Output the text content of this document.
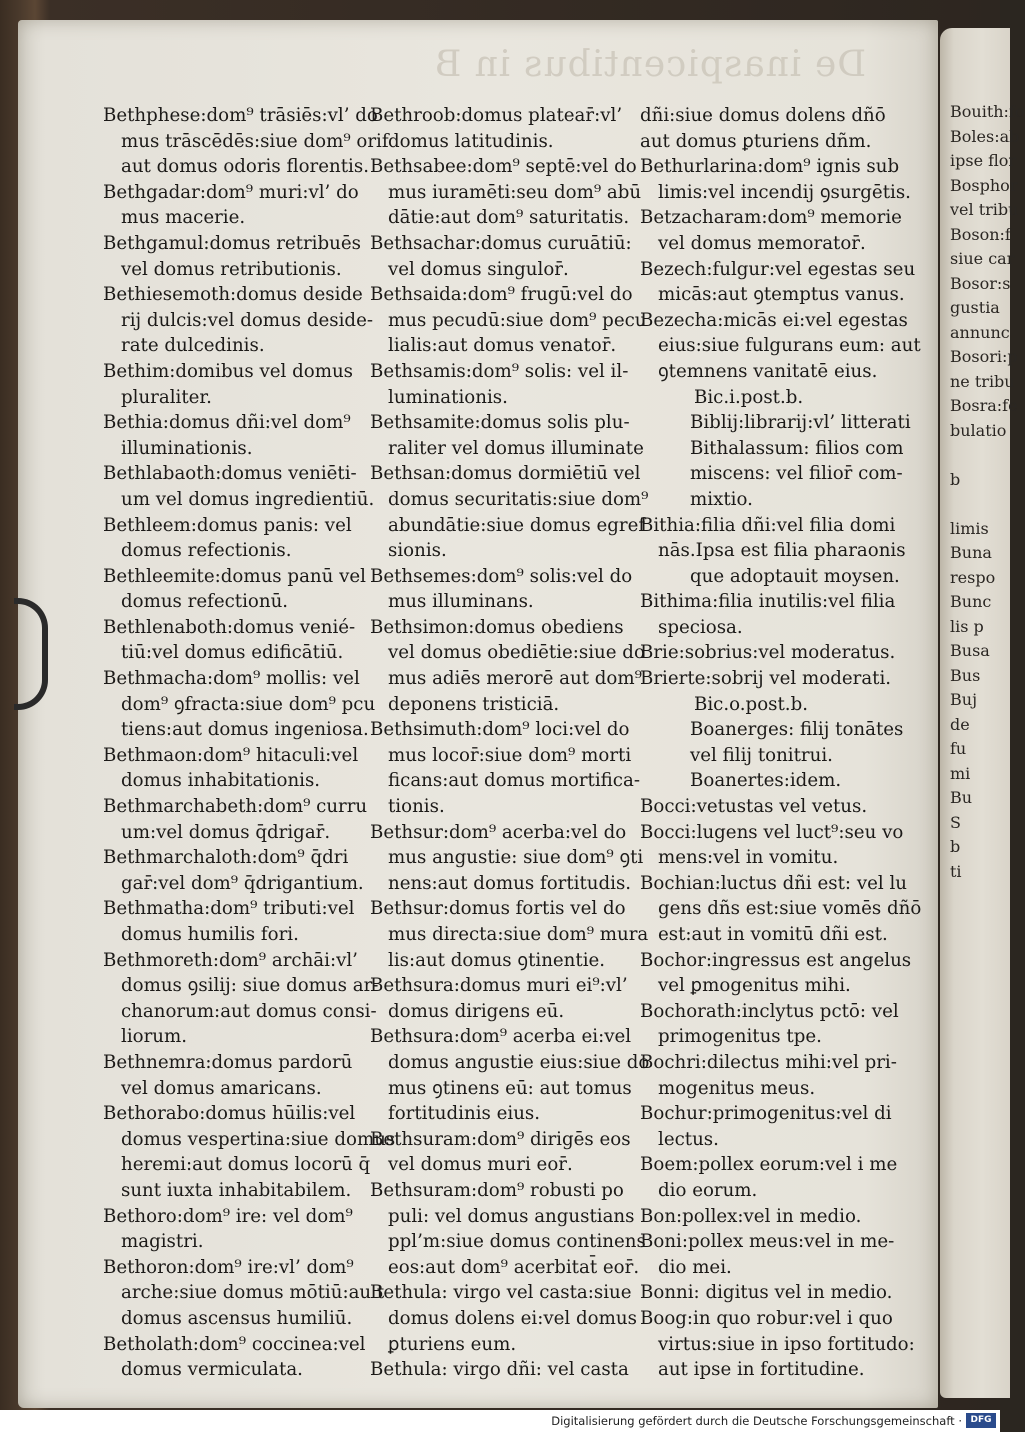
De inaspicentibus in B
Bethphese:dom⁹ trāsiēs:vl’ do
mus trāscēdēs:siue dom⁹ orif
aut domus odoris florentis.
Bethgadar:dom⁹ muri:vl’ do
mus macerie.
Bethgamul:domus retribuēs
vel domus retributionis.
Bethiesemoth:domus deside
rij dulcis:vel domus deside-
rate dulcedinis.
Bethim:domibus vel domus
pluraliter.
Bethia:domus dñi:vel dom⁹
illuminationis.
Bethlabaoth:domus veniēti-
um vel domus ingredientiū.
Bethleem:domus panis: vel
domus refectionis.
Bethleemite:domus panū vel
domus refectionū.
Bethlenaboth:domus venié-
tiū:vel domus edificātiū.
Bethmacha:dom⁹ mollis: vel
dom⁹ ꝯfracta:siue dom⁹ pcu
tiens:aut domus ingeniosa.
Bethmaon:dom⁹ hitaculi:vel
domus inhabitationis.
Bethmarchabeth:dom⁹ curru
um:vel domus q̄drigar̄.
Bethmarchaloth:dom⁹ q̄dri
gar̄:vel dom⁹ q̄drigantium.
Bethmatha:dom⁹ tributi:vel
domus humilis fori.
Bethmoreth:dom⁹ archāi:vl’
domus ꝯsilij: siue domus ar-
chanorum:aut domus consi-
liorum.
Bethnemra:domus pardorū
vel domus amaricans.
Bethorabo:domus hūilis:vel
domus vespertina:siue domus
heremi:aut domus locorū q̄
sunt iuxta inhabitabilem.
Bethoro:dom⁹ ire: vel dom⁹
magistri.
Bethoron:dom⁹ ire:vl’ dom⁹
arche:siue domus mōtiū:au t
domus ascensus humiliū.
Betholath:dom⁹ coccinea:vel
domus vermiculata.
Bethroob:domus platear̄:vl’
domus latitudinis.
Bethsabee:dom⁹ septē:vel do
mus iuramēti:seu dom⁹ abū
dātie:aut dom⁹ saturitatis.
Bethsachar:domus curuātiū:
vel domus singulor̄.
Bethsaida:dom⁹ frugū:vel do
mus pecudū:siue dom⁹ pecu
lialis:aut domus venator̄.
Bethsamis:dom⁹ solis: vel il-
luminationis.
Bethsamite:domus solis plu-
raliter vel domus illuminate
Bethsan:domus dormiētiū vel
domus securitatis:siue dom⁹
abundātie:siue domus egref
sionis.
Bethsemes:dom⁹ solis:vel do
mus illuminans.
Bethsimon:domus obediens
vel domus obediētie:siue do
mus adiēs merorē aut dom⁹
deponens tristiciā.
Bethsimuth:dom⁹ loci:vel do
mus locor̄:siue dom⁹ morti
ficans:aut domus mortifica-
tionis.
Bethsur:dom⁹ acerba:vel do
mus angustie: siue dom⁹ ꝯti
nens:aut domus fortitudis.
Bethsur:domus fortis vel do
mus directa:siue dom⁹ mura
lis:aut domus ꝯtinentie.
Bethsura:domus muri ei⁹:vl’
domus dirigens eū.
Bethsura:dom⁹ acerba ei:vel
domus angustie eius:siue do
mus ꝯtinens eū: aut tomus
fortitudinis eius.
Bethsuram:dom⁹ dirigēs eos
vel domus muri eor̄.
Bethsuram:dom⁹ robusti po
puli: vel domus angustians
ppl’m:siue domus continens
eos:aut dom⁹ acerbitat̄ eor̄.
Bethula: virgo vel casta:siue
domus dolens ei:vel domus
ꝑturiens eum.
Bethula: virgo dñi: vel casta
dñi:siue domus dolens dñō
aut domus ꝑturiens dñm.
Bethurlarina:dom⁹ ignis sub
limis:vel incendij ꝯsurgētis.
Betzacharam:dom⁹ memorie
vel domus memorator̄.
Bezech:fulgur:vel egestas seu
micās:aut ꝯtemptus vanus.
Bezecha:micās ei:vel egestas
eius:siue fulgurans eum: aut
ꝯtemnens vanitatē eius.
Bic.i.post.b.
Biblij:librarij:vl’ litterati
Bithalassum: filios com
miscens: vel filior̄ com-
mixtio.
Bithia:filia dñi:vel filia domi
nās.Ipsa est filia pharaonis
que adoptauit moysen.
Bithima:filia inutilis:vel filia
speciosa.
Brie:sobrius:vel moderatus.
Brierte:sobrij vel moderati.
Bic.o.post.b.
Boanerges: filij tonātes
vel filij tonitrui.
Boanertes:idem.
Bocci:vetustas vel vetus.
Bocci:lugens vel luct⁹:seu vo
mens:vel in vomitu.
Bochian:luctus dñi est: vel lu
gens dñs est:siue vomēs dñō
est:aut in vomitū dñi est.
Bochor:ingressus est angelus
vel ꝑmogenitus mihi.
Bochorath:inclytus pctō: vel
primogenitus tpe.
Bochri:dilectus mihi:vel pri-
mogenitus meus.
Bochur:primogenitus:vel di
lectus.
Boem:pollex eorum:vel i me
dio eorum.
Bon:pollex:vel in medio.
Boni:pollex meus:vel in me-
dio mei.
Bonni: digitus vel in medio.
Boog:in quo robur:vel i quo
virtus:siue in ipso fortitudo:
aut ipse in fortitudine.
Bouith:fo
Boles:ab
ipse flor
Bosphor
vel tribu
Boson:f
siue car
Bosor:s
gustia
annunc
Bosori:p
ne tribu
Bosra:fe
bulatio

b

limis
Buna
respo
Bunc
lis p
Busa
Bus
Buj
de
fu
mi
Bu
S
b
ti
Digitalisierung gefördert durch die Deutsche Forschungsgemeinschaft · DFG
